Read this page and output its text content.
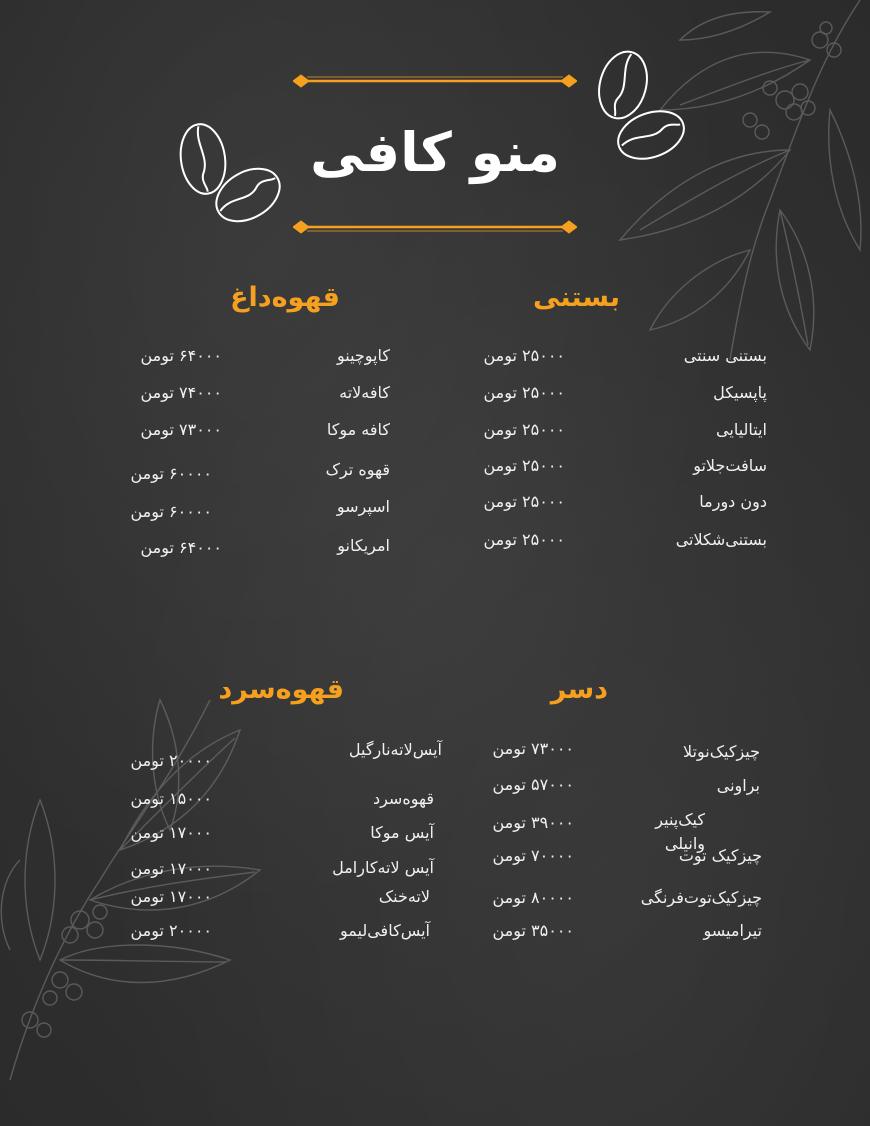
منو کافی
بستنی
بستنی سنتی
۲۵۰۰۰ تومن
پاپسیکل
۲۵۰۰۰ تومن
ایتالیایی
۲۵۰۰۰ تومن
سافت‌جلاتو
۲۵۰۰۰ تومن
دون دورما
۲۵۰۰۰ تومن
بستنی‌شکلاتی
۲۵۰۰۰ تومن
قهوه‌داغ
کاپوچینو
۶۴۰۰۰ تومن
کافه‌لاته
۷۴۰۰۰ تومن
کافه موکا
۷۳۰۰۰ تومن
قهوه ترک
۶۰۰۰۰ تومن
اسپرسو
۶۰۰۰۰ تومن
امریکانو
۶۴۰۰۰ تومن
دسر
چیزکیک‌نوتلا
۷۳۰۰۰ تومن
براونی
۵۷۰۰۰ تومن
کیک‌پنیر
۳۹۰۰۰ تومن
وانیلی
چیزکیک توت
۷۰۰۰۰ تومن
چیزکیک‌توت‌فرنگی
۸۰۰۰۰ تومن
تیرامیسو
۳۵۰۰۰ تومن
قهوه‌سرد
آیس‌لاته‌نارگیل
۲۰۰۰۰ تومن
قهوه‌سرد
۱۵۰۰۰ تومن
آیس موکا
۱۷۰۰۰ تومن
آیس لاته‌کارامل
۱۷۰۰۰ تومن
لاته‌خنک
۱۷۰۰۰ تومن
آیس‌کافی‌لیمو
۲۰۰۰۰ تومن
